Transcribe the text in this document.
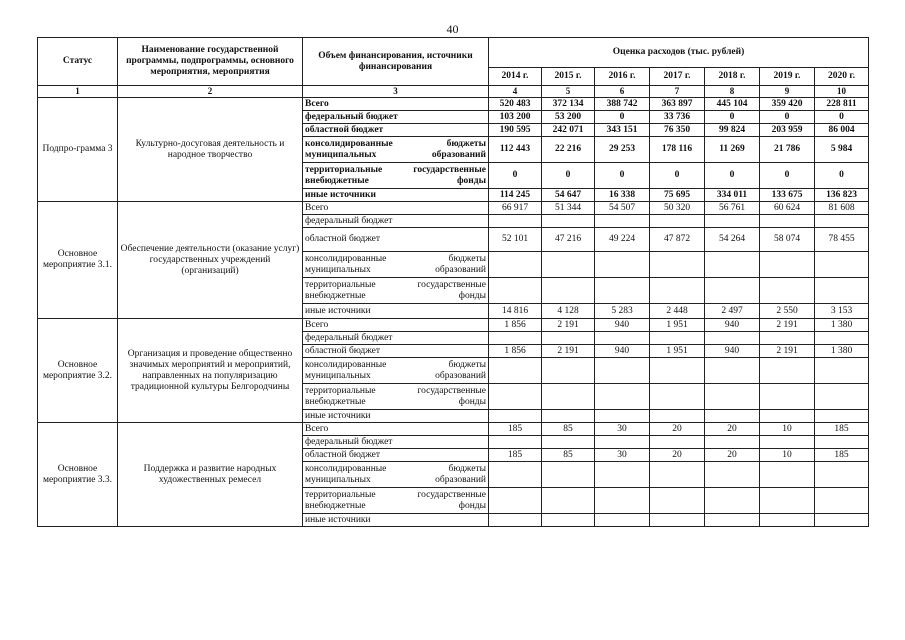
40
Статус	Наименование государственной программы, подпрограммы, основного мероприятия, мероприятия	Объем финансирования, источники финансирования	Оценка расходов (тыс. рублей)						
			2014 г.	2015 г.	2016 г.	2017 г.	2018 г.	2019 г.	2020 г.
1	2	3	4	5	6	7	8	9	10
Подпро-грамма 3	Культурно-досуговая деятельность и народное творчество	Всего	520 483	372 134	388 742	363 897	445 104	359 420	228 811
		федеральный бюджет	103 200	53 200	0	33 736	0	0	0
		областной бюджет	190 595	242 071	343 151	76 350	99 824	203 959	86 004
		консолидированные бюджеты муниципальных образований	112 443	22 216	29 253	178 116	11 269	21 786	5 984
		территориальные государственные внебюджетные фонды	0	0	0	0	0	0	0
		иные источники	114 245	54 647	16 338	75 695	334 011	133 675	136 823
Основное мероприятие 3.1.	Обеспечение деятельности (оказание услуг) государственных учреждений (организаций)	Всего	66 917	51 344	54 507	50 320	56 761	60 624	81 608
		федеральный бюджет							
		областной бюджет	52 101	47 216	49 224	47 872	54 264	58 074	78 455
		консолидированные бюджеты муниципальных образований							
		территориальные государственные внебюджетные фонды							
		иные источники	14 816	4 128	5 283	2 448	2 497	2 550	3 153
Основное мероприятие 3.2.	Организация и проведение общественно значимых мероприятий и мероприятий, направленных на популяризацию традиционной культуры Белгородчины	Всего	1 856	2 191	940	1 951	940	2 191	1 380
		федеральный бюджет							
		областной бюджет	1 856	2 191	940	1 951	940	2 191	1 380
		консолидированные бюджеты муниципальных образований							
		территориальные государственные внебюджетные фонды							
		иные источники							
Основное мероприятие 3.3.	Поддержка и развитие народных художественных ремесел	Всего	185	85	30	20	20	10	185
		федеральный бюджет							
		областной бюджет	185	85	30	20	20	10	185
		консолидированные бюджеты муниципальных образований							
		территориальные государственные внебюджетные фонды							
		иные источники							
